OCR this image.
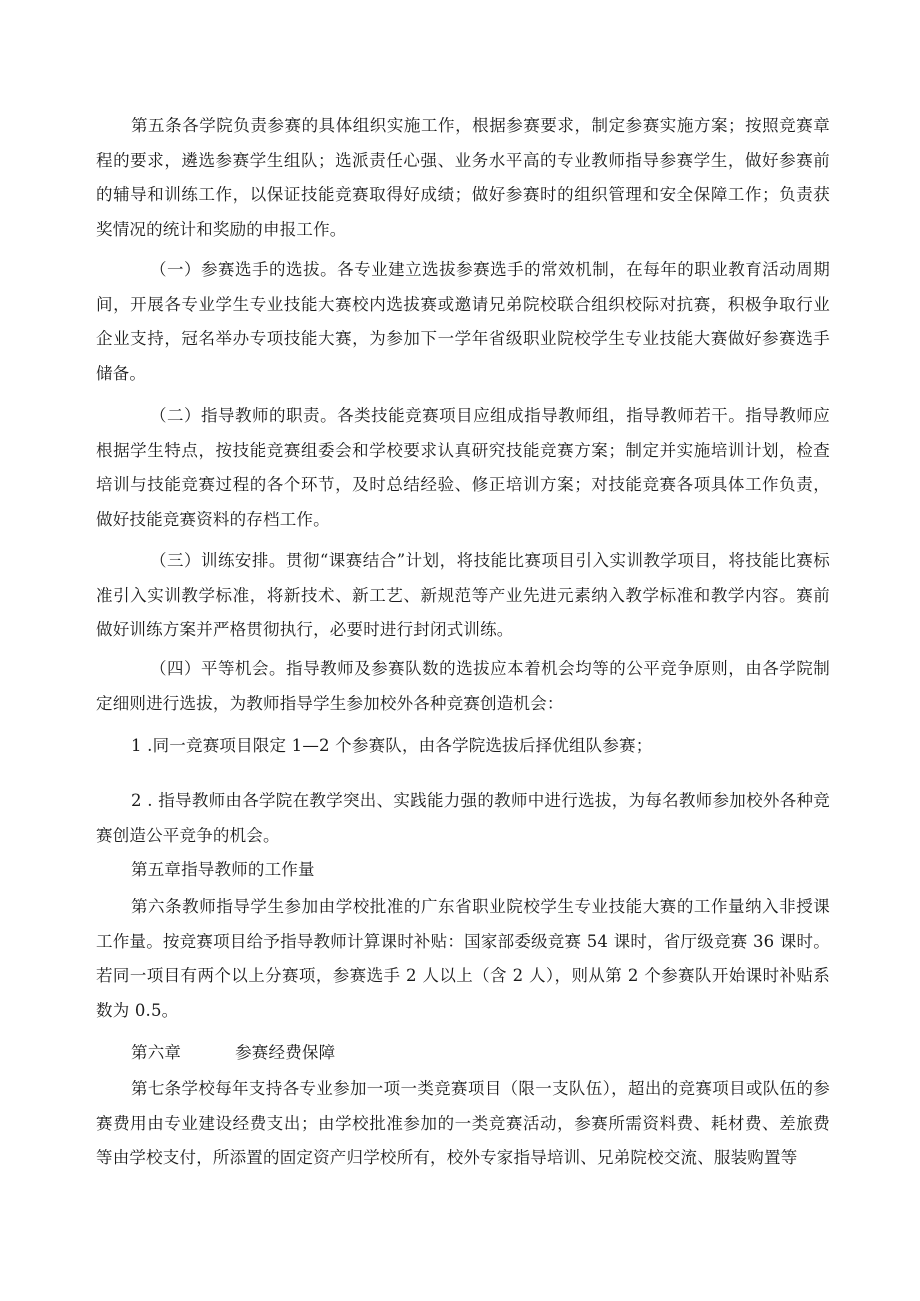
第五条各学院负责参赛的具体组织实施工作，根据参赛要求，制定参赛实施方案；按照竞赛章程的要求，遴选参赛学生组队；选派责任心强、业务水平高的专业教师指导参赛学生，做好参赛前的辅导和训练工作，以保证技能竞赛取得好成绩；做好参赛时的组织管理和安全保障工作；负责获奖情况的统计和奖励的申报工作。

（一）参赛选手的选拔。各专业建立选拔参赛选手的常效机制，在每年的职业教育活动周期间，开展各专业学生专业技能大赛校内选拔赛或邀请兄弟院校联合组织校际对抗赛，积极争取行业企业支持，冠名举办专项技能大赛，为参加下一学年省级职业院校学生专业技能大赛做好参赛选手储备。

（二）指导教师的职责。各类技能竞赛项目应组成指导教师组，指导教师若干。指导教师应根据学生特点，按技能竞赛组委会和学校要求认真研究技能竞赛方案；制定并实施培训计划，检查培训与技能竞赛过程的各个环节，及时总结经验、修正培训方案；对技能竞赛各项具体工作负责，做好技能竞赛资料的存档工作。

（三）训练安排。贯彻“课赛结合”计划，将技能比赛项目引入实训教学项目，将技能比赛标准引入实训教学标准，将新技术、新工艺、新规范等产业先进元素纳入教学标准和教学内容。赛前做好训练方案并严格贯彻执行，必要时进行封闭式训练。

（四）平等机会。指导教师及参赛队数的选拔应本着机会均等的公平竞争原则，由各学院制定细则进行选拔，为教师指导学生参加校外各种竞赛创造机会：

1 .同一竞赛项目限定 1—2 个参赛队，由各学院选拔后择优组队参赛；

2 . 指导教师由各学院在教学突出、实践能力强的教师中进行选拔，为每名教师参加校外各种竞赛创造公平竞争的机会。

第五章指导教师的工作量

第六条教师指导学生参加由学校批准的广东省职业院校学生专业技能大赛的工作量纳入非授课工作量。按竞赛项目给予指导教师计算课时补贴：国家部委级竞赛 54 课时，省厅级竞赛 36 课时。若同一项目有两个以上分赛项，参赛选手 2 人以上（含 2 人），则从第 2 个参赛队开始课时补贴系数为 0.5。

第六章	参赛经费保障

第七条学校每年支持各专业参加一项一类竞赛项目（限一支队伍），超出的竞赛项目或队伍的参赛费用由专业建设经费支出；由学校批准参加的一类竞赛活动，参赛所需资料费、耗材费、差旅费等由学校支付，所添置的固定资产归学校所有，校外专家指导培训、兄弟院校交流、服装购置等
